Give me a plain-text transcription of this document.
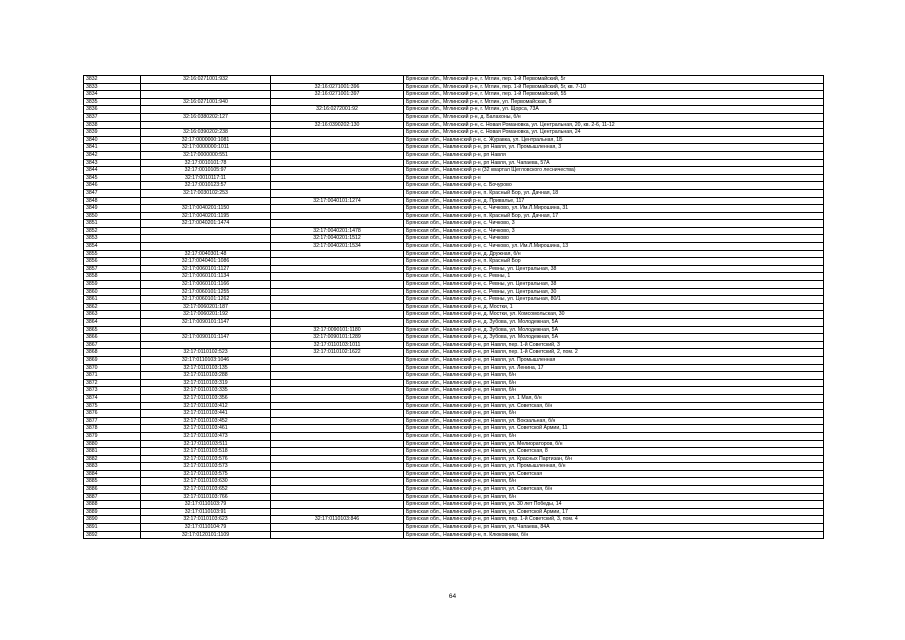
3832	32:16:0271001:932		Брянская обл., Мглинский р-н, г. Мглин, пер. 1-й Первомайский, 5г
3833		32:16:0271001:396	Брянская обл., Мглинский р-н, г. Мглин, пер. 1-й Первомайский, 5г, кв. 7-10
3834		32:16:0271001:397	Брянская обл., Мглинский р-н, г. Мглин, пер. 1-й Первомайский, 55
3835	32:16:0271001:940		Брянская обл., Мглинский р-н, г. Мглин, ул. Первомайская, 8
3836		32:16:0272001:92	Брянская обл., Мглинский р-н, г. Мглин, ул. Щорса, 73А
3837	32:16:0380202:127		Брянская обл., Мглинский р-н, д. Балахоны, б/н
3838		32:16:0390202:130	Брянская обл., Мглинский р-н, с. Новая Романовка, ул. Центральная, 20, кв. 2-6, 11-12
3839	32:16:0390202:238		Брянская обл., Мглинский р-н, с. Новая Романовка, ул. Центральная, 24
3840	32:17:0000000:1081		Брянская обл., Навлинский р-н, с. Журавка, ул. Центральная, 1Б
3841	32:17:0000000:1011		Брянская обл., Навлинский р-н, рп Навля, ул. Промышленная, 3
3842	32:17:0000000:551		Брянская обл., Навлинский р-н, рп Навля
3843	32:17:0010101:78		Брянская обл., Навлинский р-н, рп Навля, ул. Чапаева, 57А
3844	32:17:0010105:97		Брянская обл., Навлинский р-н (32 квартал Щегловского лесничества)
3845	32:17:0010117:11		Брянская обл., Навлинский р-н
3846	32:17:0010123:57		Брянская обл., Навлинский р-н, с. Бочурово
3847	32:17:0030102:253		Брянская обл., Навлинский р-н, п. Красный Бор, ул. Дачная, 18
3848		32:17:0040101:1274	Брянская обл., Навлинский р-н, д. Привалье, 117
3849	32:17:0040201:1150		Брянская обл., Навлинский р-н, с. Чичково, ул. Им.Л.Мирошина, 31
3850	32:17:0040201:1195		Брянская обл., Навлинский р-н, п. Красный Бор, ул. Дачная, 17
3851	32:17:0040201:1474		Брянская обл., Навлинский р-н, с. Чичково, 3
3852		32:17:0040201:1478	Брянская обл., Навлинский р-н, с. Чичково, 3
3853		32:17:0040201:1512	Брянская обл., Навлинский р-н, с. Чичково
3854		32:17:0040201:1534	Брянская обл., Навлинский р-н, с. Чичково, ул. Им.Л.Мирошина, 13
3855	32:17:0040301:48		Брянская обл., Навлинский р-н, д. Дружная, б/н
3856	32:17:0040401:1086		Брянская обл., Навлинский р-н, п. Красный Бор
3857	32:17:0060101:1127		Брянская обл., Навлинский р-н, с. Ревны, ул. Центральная, 38
3858	32:17:0060101:1134		Брянская обл., Навлинский р-н, с. Ревны, 1
3859	32:17:0060101:1166		Брянская обл., Навлинский р-н, с. Ревны, ул. Центральная, 38
3860	32:17:0060101:1255		Брянская обл., Навлинский р-н, с. Ревны, ул. Центральная, 30
3861	32:17:0060101:1262		Брянская обл., Навлинский р-н, с. Ревны, ул. Центральная, 80/1
3862	32:17:0060201:187		Брянская обл., Навлинский р-н, д. Мостки, 1
3863	32:17:0060201:192		Брянская обл., Навлинский р-н, д. Мостки, ул. Комсомольская, 30
3864	32:17:0090101:1147		Брянская обл., Навлинский р-н, д. Зубова, ул. Молодежная, 5А
3865		32:17:0090101:1180	Брянская обл., Навлинский р-н, д. Зубова, ул. Молодежная, 5А
3866	32:17:0090101:1147	32:17:0090101:1289	Брянская обл., Навлинский р-н, д. Зубова, ул. Молодежная, 5А
3867		32:17:0110103:1011	Брянская обл., Навлинский р-н, рп Навля, пер. 1-й Советский, 3
3868	32:17:0110102:523	32:17:0110102:1622	Брянская обл., Навлинский р-н, рп Навля, пер. 1-й Советский, 2, пом. 2
3869	32:17:0110103:1046		Брянская обл., Навлинский р-н, рп Навля, ул. Промышленная
3870	32:17:0110103:135		Брянская обл., Навлинский р-н, рп Навля, ул. Ленина, 17
3871	32:17:0110103:288		Брянская обл., Навлинский р-н, рп Навля, б/н
3872	32:17:0110103:319		Брянская обл., Навлинский р-н, рп Навля, б/н
3873	32:17:0110103:335		Брянская обл., Навлинский р-н, рп Навля, б/н
3874	32:17:0110103:356		Брянская обл., Навлинский р-н, рп Навля, ул. 1 Мая, б/н
3875	32:17:0110103:412		Брянская обл., Навлинский р-н, рп Навля, ул. Советская, б/н
3876	32:17:0110103:441		Брянская обл., Навлинский р-н, рп Навля, б/н
3877	32:17:0110103:452		Брянская обл., Навлинский р-н, рп Навля, ул. Вокзальная, б/н
3878	32:17:0110103:461		Брянская обл., Навлинский р-н, рп Навля, ул. Советской Армии, 11
3879	32:17:0110103:473		Брянская обл., Навлинский р-н, рп Навля, б/н
3880	32:17:0110103:511		Брянская обл., Навлинский р-н, рп Навля, ул. Мелиораторов, б/н
3881	32:17:0110103:518		Брянская обл., Навлинский р-н, рп Навля, ул. Советская, 8
3882	32:17:0110103:576		Брянская обл., Навлинский р-н, рп Навля, ул. Красных Партизан, б/н
3883	32:17:0110103:573		Брянская обл., Навлинский р-н, рп Навля, ул. Промышленная, б/н
3884	32:17:0110103:575		Брянская обл., Навлинский р-н, рп Навля, ул. Советская
3885	32:17:0110103:630		Брянская обл., Навлинский р-н, рп Навля, б/н
3886	32:17:0110103:652		Брянская обл., Навлинский р-н, рп Навля, ул. Советская, б/н
3887	32:17:0110103:766		Брянская обл., Навлинский р-н, рп Навля, б/н
3888	32:17:0110103:79		Брянская обл., Навлинский р-н, рп Навля, ул. 30 лет Победы, 14
3889	32:17:0110103:91		Брянская обл., Навлинский р-н, рп Навля, ул. Советской Армии, 17
3890	32:17:0110103:623	32:17:0110103:846	Брянская обл., Навлинский р-н, рп Навля, пер. 1-й Советский, 3, пом. 4
3891	32:17:0110104:79		Брянская обл., Навлинский р-н, рп Навля, ул. Чапаева, 84А
3892	32:17:0120101:1109		Брянская обл., Навлинский р-н, п. Клюковники, б/н
64
